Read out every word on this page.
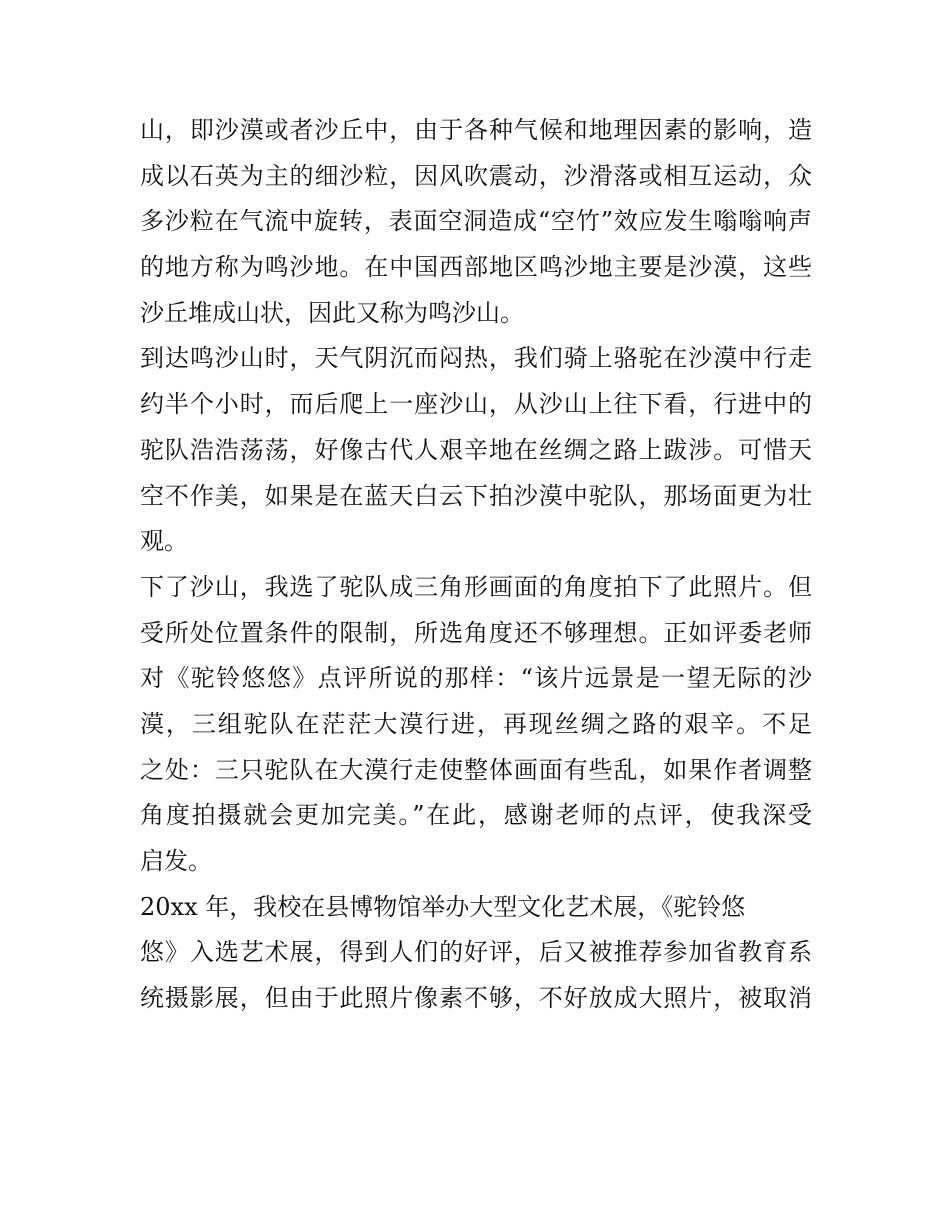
山，即沙漠或者沙丘中，由于各种气候和地理因素的影响，造
成以石英为主的细沙粒，因风吹震动，沙滑落或相互运动，众
多沙粒在气流中旋转，表面空洞造成“空竹”效应发生嗡嗡响声
的地方称为鸣沙地。在中国西部地区鸣沙地主要是沙漠，这些
沙丘堆成山状，因此又称为鸣沙山。
到达鸣沙山时，天气阴沉而闷热，我们骑上骆驼在沙漠中行走
约半个小时，而后爬上一座沙山，从沙山上往下看，行进中的
驼队浩浩荡荡，好像古代人艰辛地在丝绸之路上跋涉。可惜天
空不作美，如果是在蓝天白云下拍沙漠中驼队，那场面更为壮
观。
下了沙山，我选了驼队成三角形画面的角度拍下了此照片。但
受所处位置条件的限制，所选角度还不够理想。正如评委老师
对《驼铃悠悠》点评所说的那样：“该片远景是一望无际的沙
漠，三组驼队在茫茫大漠行进，再现丝绸之路的艰辛。不足
之处：三只驼队在大漠行走使整体画面有些乱，如果作者调整
角度拍摄就会更加完美。”在此，感谢老师的点评，使我深受
启发。
20xx 年，我校在县博物馆举办大型文化艺术展，《驼铃悠
悠》入选艺术展，得到人们的好评，后又被推荐参加省教育系
统摄影展，但由于此照片像素不够，不好放成大照片，被取消
